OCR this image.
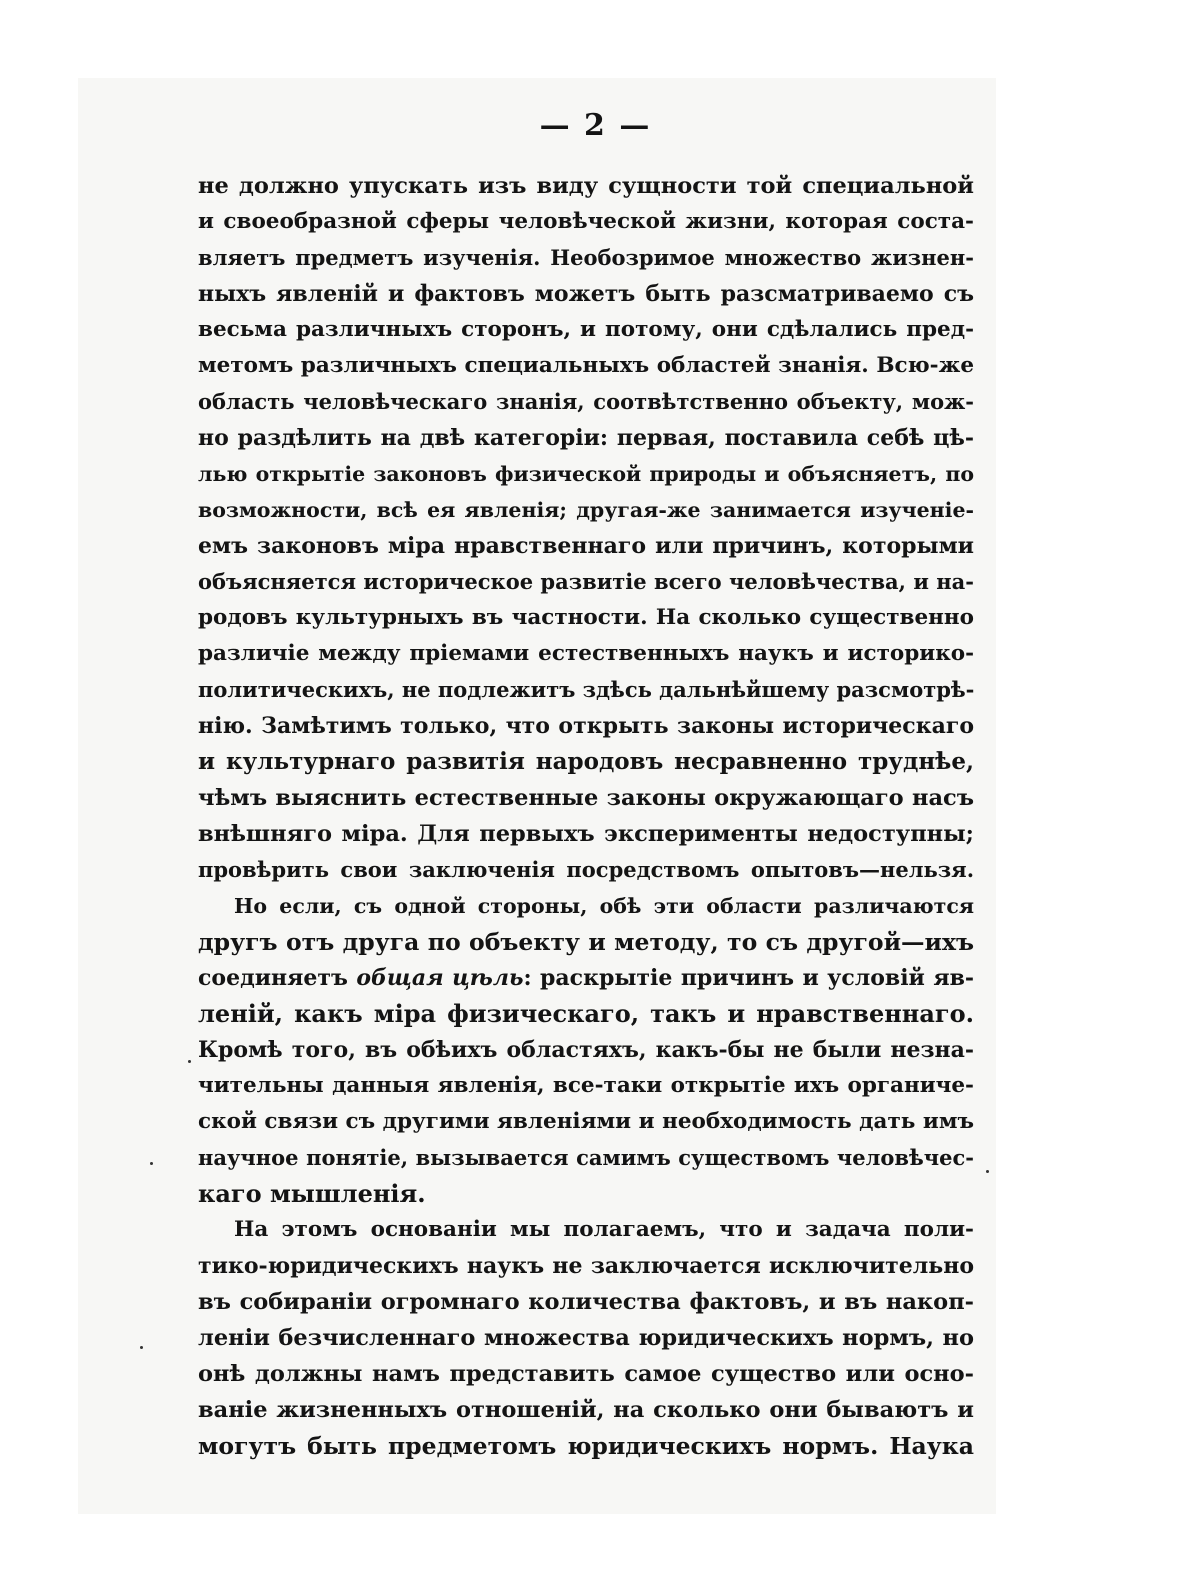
— 2 —
не должно упускать изъ виду сущности той специальной
и своеобразной сферы человѣческой жизни, которая соста-
вляетъ предметъ изученія. Необозримое множество жизнен-
ныхъ явленій и фактовъ можетъ быть разсматриваемо съ
весьма различныхъ сторонъ, и потому, они сдѣлались пред-
метомъ различныхъ специальныхъ областей знанія. Всю-же
область человѣческаго знанія, соотвѣтственно объекту, мож-
но раздѣлить на двѣ категоріи: первая, поставила себѣ цѣ-
лью открытіе законовъ физической природы и объясняетъ, по
возможности, всѣ ея явленія; другая-же занимается изученіе-
емъ законовъ міра нравственнаго или причинъ, которыми
объясняется историческое развитіе всего человѣчества, и на-
родовъ культурныхъ въ частности. На сколько существенно
различіе между пріемами естественныхъ наукъ и историко-
политическихъ, не подлежитъ здѣсь дальнѣйшему разсмотрѣ-
нію. Замѣтимъ только, что открыть законы историческаго
и культурнаго развитія народовъ несравненно труднѣе,
чѣмъ выяснить естественные законы окружающаго насъ
внѣшняго міра. Для первыхъ эксперименты недоступны;
провѣрить свои заключенія посредствомъ опытовъ—нельзя.
Но если, съ одной стороны, обѣ эти области различаются
другъ отъ друга по объекту и методу, то съ другой—ихъ
соединяетъ общая цѣль: раскрытіе причинъ и условій яв-
леній, какъ міра физическаго, такъ и нравственнаго.
Кромѣ того, въ обѣихъ областяхъ, какъ-бы не были незна-
чительны данныя явленія, все-таки открытіе ихъ органиче-
ской связи съ другими явленіями и необходимость дать имъ
научное понятіе, вызывается самимъ существомъ человѣчес-
каго мышленія.
На этомъ основаніи мы полагаемъ, что и задача поли-
тико-юридическихъ наукъ не заключается исключительно
въ собираніи огромнаго количества фактовъ, и въ накоп-
леніи безчисленнаго множества юридическихъ нормъ, но
онѣ должны намъ представить самое существо или осно-
ваніе жизненныхъ отношеній, на сколько они бываютъ и
могутъ быть предметомъ юридическихъ нормъ. Наука
